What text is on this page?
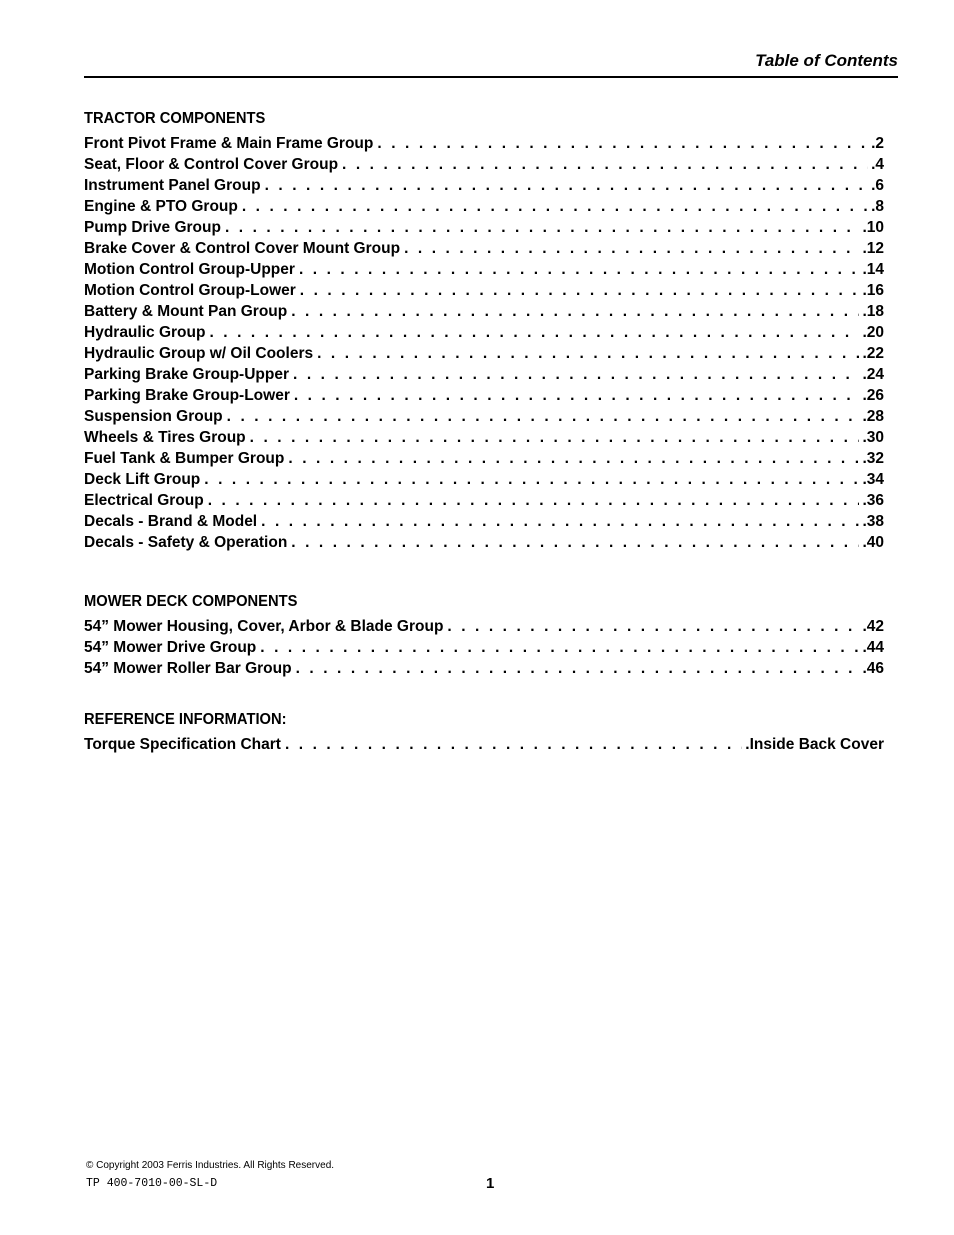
Table of Contents
TRACTOR COMPONENTS
Front Pivot Frame & Main Frame Group . . .	.2
Seat, Floor & Control Cover Group . . .	.4
Instrument Panel Group . . .	.6
Engine & PTO Group . . .	.8
Pump Drive Group . . .	.10
Brake Cover & Control Cover Mount Group . . .	.12
Motion Control Group-Upper . . .	.14
Motion Control Group-Lower . . .	.16
Battery & Mount Pan Group . . .	.18
Hydraulic Group . . .	.20
Hydraulic Group w/ Oil Coolers . . .	.22
Parking Brake Group-Upper . . .	.24
Parking Brake Group-Lower . . .	.26
Suspension Group . . .	.28
Wheels & Tires Group . . .	.30
Fuel Tank & Bumper Group . . .	.32
Deck Lift Group . . .	.34
Electrical Group . . .	.36
Decals - Brand & Model . . .	.38
Decals - Safety & Operation . . .	.40
MOWER DECK COMPONENTS
54” Mower Housing, Cover, Arbor & Blade Group . . .	.42
54” Mower Drive Group . . .	.44
54” Mower Roller Bar Group . . .	.46
REFERENCE INFORMATION:
Torque Specification Chart . . .	.Inside Back Cover
© Copyright 2003 Ferris Industries. All Rights Reserved.
TP 400-7010-00-SL-D	1
